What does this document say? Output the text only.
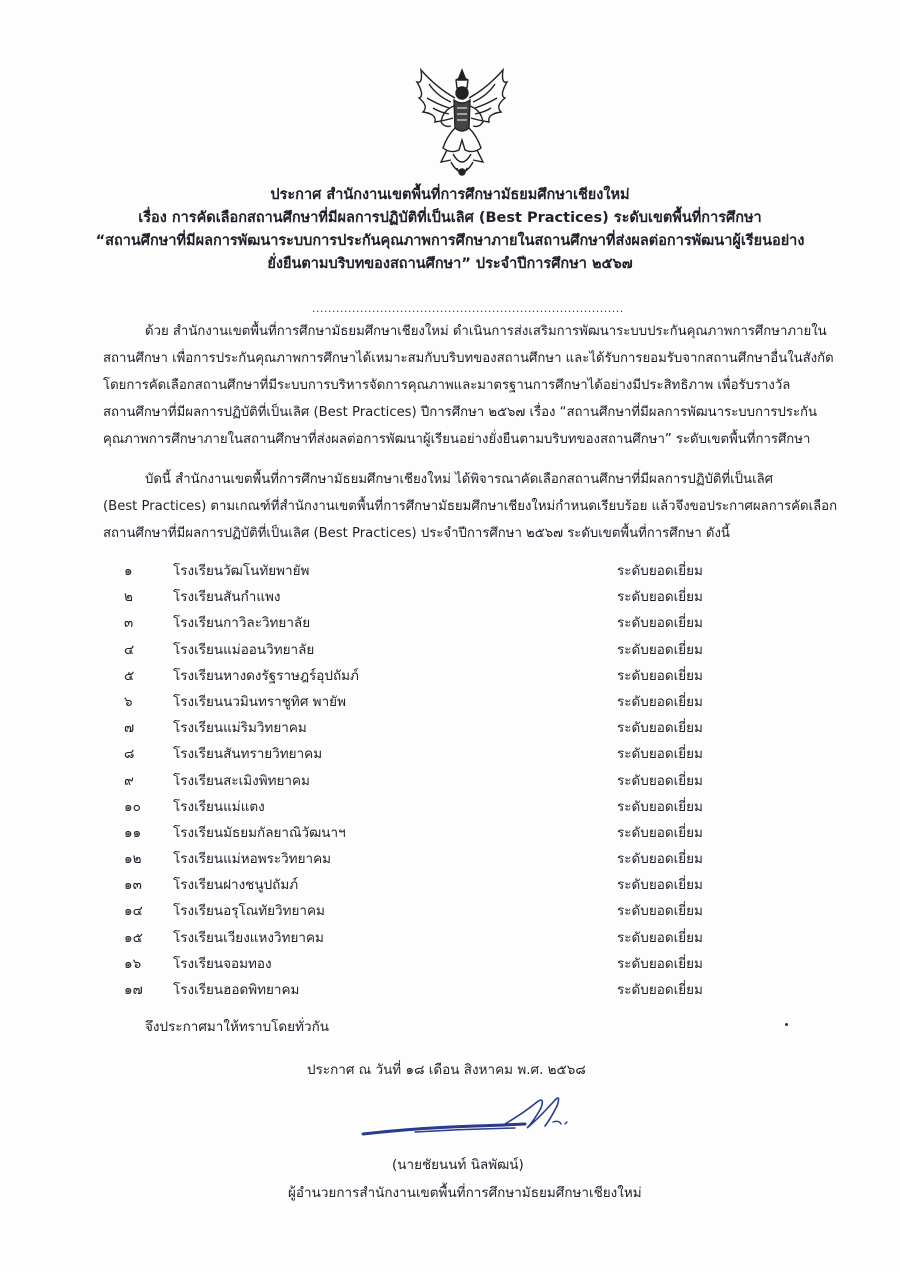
ประกาศ สำนักงานเขตพื้นที่การศึกษามัธยมศึกษาเชียงใหม่
เรื่อง การคัดเลือกสถานศึกษาที่มีผลการปฏิบัติที่เป็นเลิศ (Best Practices) ระดับเขตพื้นที่การศึกษา
“สถานศึกษาที่มีผลการพัฒนาระบบการประกันคุณภาพการศึกษาภายในสถานศึกษาที่ส่งผลต่อการพัฒนาผู้เรียนอย่าง
ยั่งยืนตามบริบทของสถานศึกษา” ประจำปีการศึกษา ๒๕๖๗
..............................................................................
ด้วย สำนักงานเขตพื้นที่การศึกษามัธยมศึกษาเชียงใหม่ ดำเนินการส่งเสริมการพัฒนาระบบประกันคุณภาพการศึกษาภายใน
สถานศึกษา เพื่อการประกันคุณภาพการศึกษาได้เหมาะสมกับบริบทของสถานศึกษา และได้รับการยอมรับจากสถานศึกษาอื่นในสังกัด
โดยการคัดเลือกสถานศึกษาที่มีระบบการบริหารจัดการคุณภาพและมาตรฐานการศึกษาได้อย่างมีประสิทธิภาพ เพื่อรับรางวัล
สถานศึกษาที่มีผลการปฏิบัติที่เป็นเลิศ (Best Practices) ปีการศึกษา ๒๕๖๗ เรื่อง “สถานศึกษาที่มีผลการพัฒนาระบบการประกัน
คุณภาพการศึกษาภายในสถานศึกษาที่ส่งผลต่อการพัฒนาผู้เรียนอย่างยั่งยืนตามบริบทของสถานศึกษา” ระดับเขตพื้นที่การศึกษา
บัดนี้ สำนักงานเขตพื้นที่การศึกษามัธยมศึกษาเชียงใหม่ ได้พิจารณาคัดเลือกสถานศึกษาที่มีผลการปฏิบัติที่เป็นเลิศ
(Best Practices) ตามเกณฑ์ที่สำนักงานเขตพื้นที่การศึกษามัธยมศึกษาเชียงใหม่กำหนดเรียบร้อย แล้วจึงขอประกาศผลการคัดเลือก
สถานศึกษาที่มีผลการปฏิบัติที่เป็นเลิศ (Best Practices) ประจำปีการศึกษา ๒๕๖๗ ระดับเขตพื้นที่การศึกษา ดังนี้
๑	โรงเรียนวัฒโนทัยพายัพ	ระดับยอดเยี่ยม
๒	โรงเรียนสันกำแพง	ระดับยอดเยี่ยม
๓	โรงเรียนกาวิละวิทยาลัย	ระดับยอดเยี่ยม
๔	โรงเรียนแม่ออนวิทยาลัย	ระดับยอดเยี่ยม
๕	โรงเรียนหางดงรัฐราษฎร์อุปถัมภ์	ระดับยอดเยี่ยม
๖	โรงเรียนนวมินทราชูทิศ พายัพ	ระดับยอดเยี่ยม
๗	โรงเรียนแม่ริมวิทยาคม	ระดับยอดเยี่ยม
๘	โรงเรียนสันทรายวิทยาคม	ระดับยอดเยี่ยม
๙	โรงเรียนสะเมิงพิทยาคม	ระดับยอดเยี่ยม
๑๐ โรงเรียนแม่แตง	ระดับยอดเยี่ยม
๑๑ โรงเรียนมัธยมกัลยาณิวัฒนาฯ	ระดับยอดเยี่ยม
๑๒ โรงเรียนแม่หอพระวิทยาคม	ระดับยอดเยี่ยม
๑๓ โรงเรียนฝางชนูปถัมภ์	ระดับยอดเยี่ยม
๑๔ โรงเรียนอรุโณทัยวิทยาคม	ระดับยอดเยี่ยม
๑๕ โรงเรียนเวียงแหงวิทยาคม	ระดับยอดเยี่ยม
๑๖ โรงเรียนจอมทอง	ระดับยอดเยี่ยม
๑๗ โรงเรียนฮอดพิทยาคม	ระดับยอดเยี่ยม
จึงประกาศมาให้ทราบโดยทั่วกัน
ประกาศ ณ วันที่ ๑๘ เดือน สิงหาคม พ.ศ. ๒๕๖๘
(นายชัยนนท์ นิลพัฒน์)
ผู้อำนวยการสำนักงานเขตพื้นที่การศึกษามัธยมศึกษาเชียงใหม่
